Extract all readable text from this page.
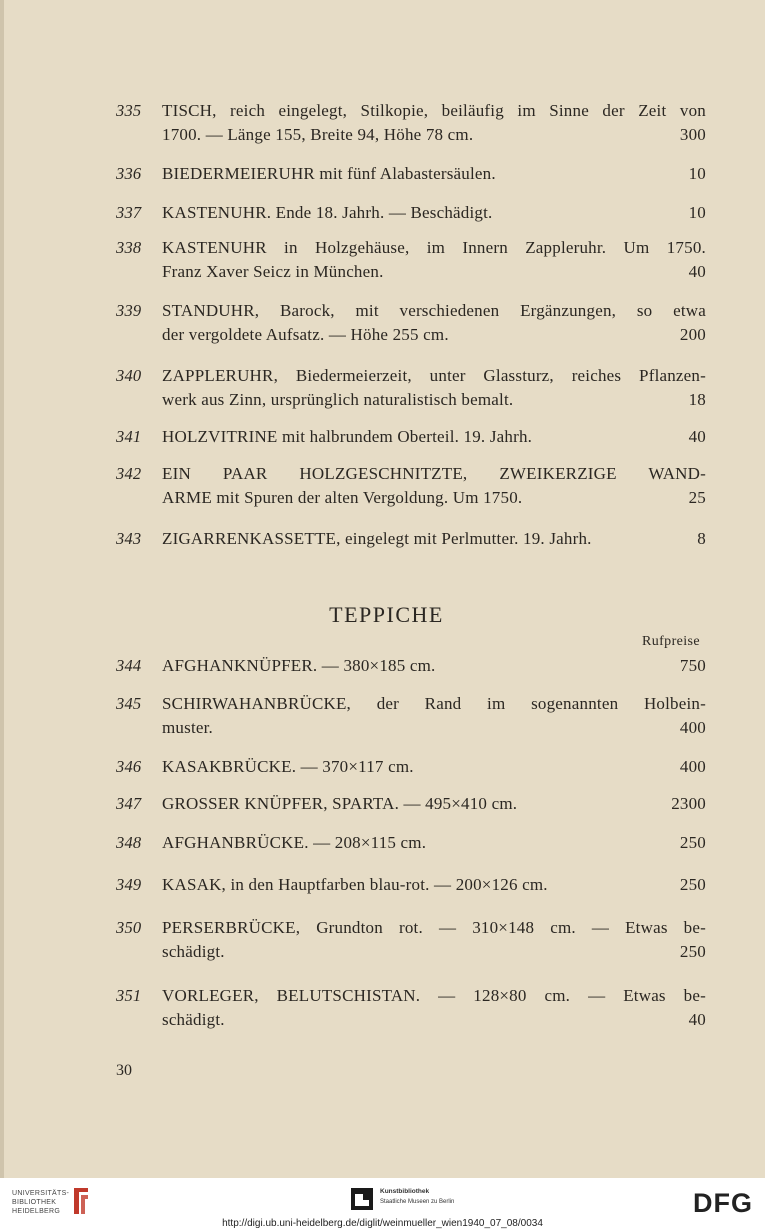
335 TISCH, reich eingelegt, Stilkopie, beiläufig im Sinne der Zeit von
1700. — Länge 155, Breite 94, Höhe 78 cm.	300
336 BIEDERMEIERUHR mit fünf Alabastersäulen.	10
337 KASTENUHR. Ende 18. Jahrh. — Beschädigt.	10
338 KASTENUHR in Holzgehäuse, im Innern Zappleruhr. Um 1750.
Franz Xaver Seicz in München.	40
339 STANDUHR, Barock, mit verschiedenen Ergänzungen, so etwa
der vergoldete Aufsatz. — Höhe 255 cm.	200
340 ZAPPLERUHR, Biedermeierzeit, unter Glassturz, reiches Pflanzen-
werk aus Zinn, ursprünglich naturalistisch bemalt.	18
341 HOLZVITRINE mit halbrundem Oberteil. 19. Jahrh.	40
342 EIN PAAR HOLZGESCHNITZTE, ZWEIKERZIGE WAND-
ARME mit Spuren der alten Vergoldung. Um 1750.	25
343 ZIGARRENKASSETTE, eingelegt mit Perlmutter. 19. Jahrh.	8
344 AFGHANKNÜPFER. — 380×185 cm.	750
345 SCHIRWAHANBRÜCKE, der Rand im sogenannten Holbein-
muster.	400
346 KASAKBRÜCKE. — 370×117 cm.	400
347 GROSSER KNÜPFER, SPARTA. — 495×410 cm.	2300
348 AFGHANBRÜCKE. — 208×115 cm.	250
349 KASAK, in den Hauptfarben blau-rot. — 200×126 cm.	250
350 PERSERBRÜCKE, Grundton rot. — 310×148 cm. — Etwas be-
schädigt.	250
351 VORLEGER, BELUTSCHISTAN. — 128×80 cm. — Etwas be-
schädigt.	40
TEPPICHE
Rufpreise
30
UNIVERSITÄTS-
BIBLIOTHEK
HEIDELBERG
Kunstbibliothek
Staatliche Museen zu Berlin	DFG
http://digi.ub.uni-heidelberg.de/diglit/weinmueller_wien1940_07_08/0034
